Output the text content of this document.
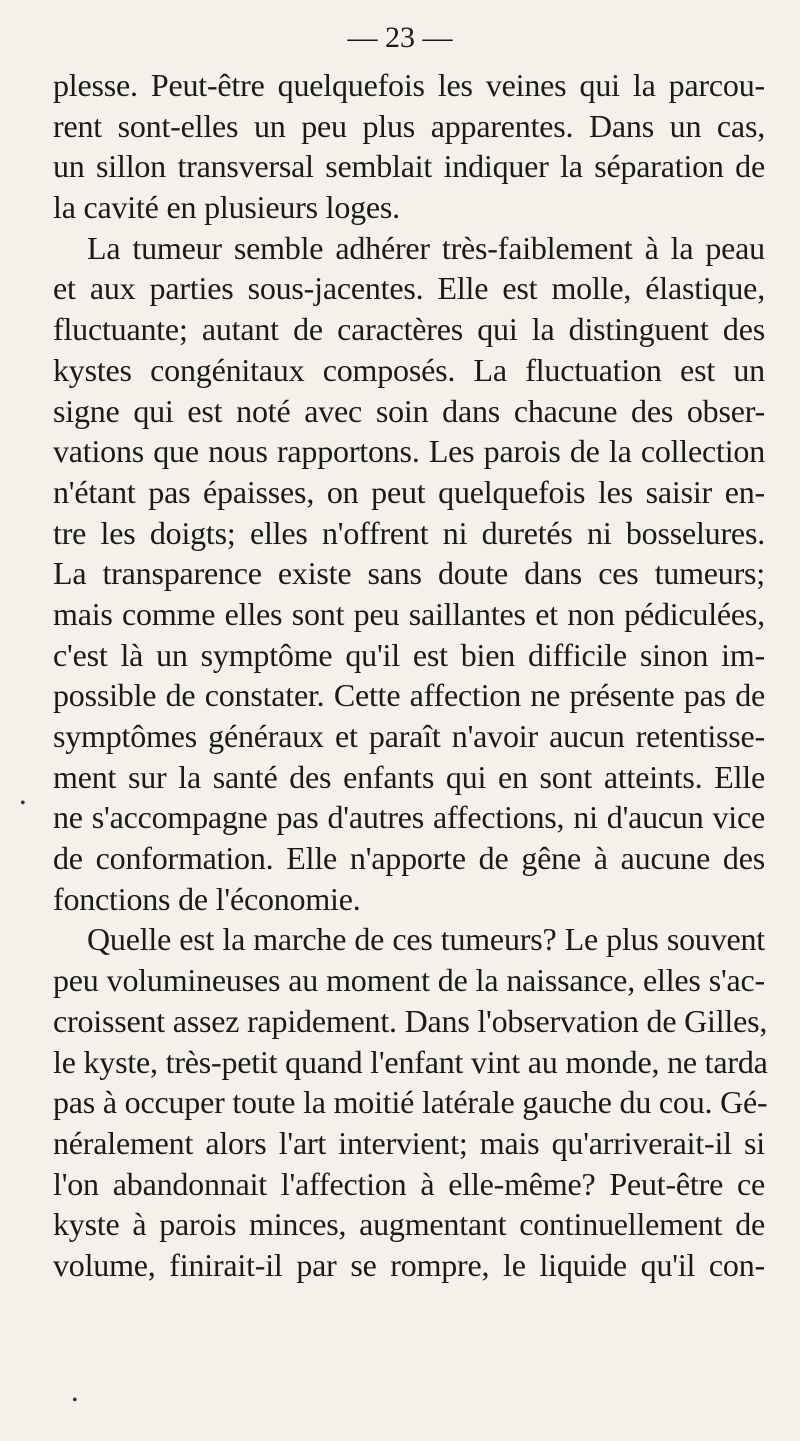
— 23 —
plesse. Peut-être quelquefois les veines qui la parcou-
rent sont-elles un peu plus apparentes. Dans un cas,
un sillon transversal semblait indiquer la séparation de
la cavité en plusieurs loges.
La tumeur semble adhérer très-faiblement à la peau
et aux parties sous-jacentes. Elle est molle, élastique,
fluctuante; autant de caractères qui la distinguent des
kystes congénitaux composés. La fluctuation est un
signe qui est noté avec soin dans chacune des obser-
vations que nous rapportons. Les parois de la collection
n'étant pas épaisses, on peut quelquefois les saisir en-
tre les doigts; elles n'offrent ni duretés ni bosselures.
La transparence existe sans doute dans ces tumeurs;
mais comme elles sont peu saillantes et non pédiculées,
c'est là un symptôme qu'il est bien difficile sinon im-
possible de constater. Cette affection ne présente pas de
symptômes généraux et paraît n'avoir aucun retentisse-
ment sur la santé des enfants qui en sont atteints. Elle
ne s'accompagne pas d'autres affections, ni d'aucun vice
de conformation. Elle n'apporte de gêne à aucune des
fonctions de l'économie.
Quelle est la marche de ces tumeurs? Le plus souvent
peu volumineuses au moment de la naissance, elles s'ac-
croissent assez rapidement. Dans l'observation de Gilles,
le kyste, très-petit quand l'enfant vint au monde, ne tarda
pas à occuper toute la moitié latérale gauche du cou. Gé-
néralement alors l'art intervient; mais qu'arriverait-il si
l'on abandonnait l'affection à elle-même? Peut-être ce
kyste à parois minces, augmentant continuellement de
volume, finirait-il par se rompre, le liquide qu'il con-
•
•
